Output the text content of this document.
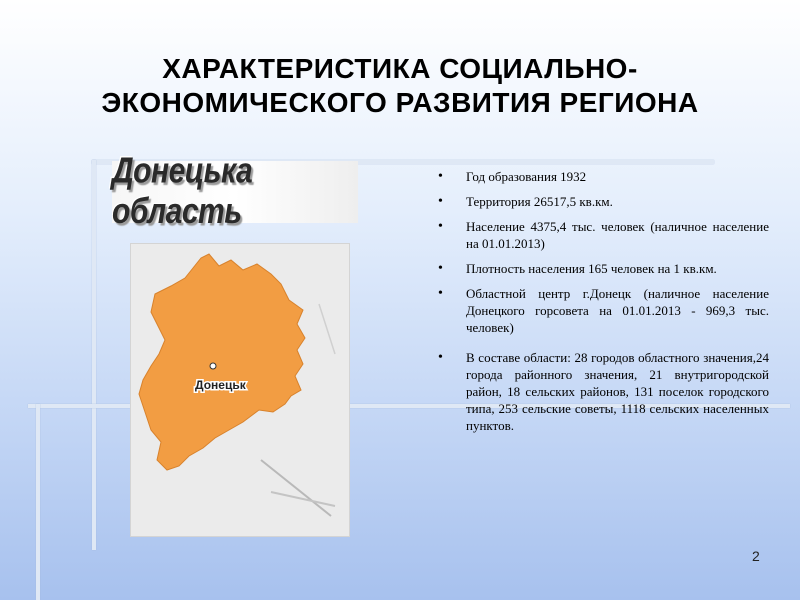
ХАРАКТЕРИСТИКА СОЦИАЛЬНО-
ЭКОНОМИЧЕСКОГО РАЗВИТИЯ РЕГИОНА
Донецька область
Донецьк
• Год образования 1932
• Территория 26517,5 кв.км.
• Население 4375,4 тыс. человек (наличное население на 01.01.2013)
• Плотность населения 165 человек на 1 кв.км.
• Областной центр г.Донецк (наличное население Донецкого горсовета на 01.01.2013 - 969,3 тыс. человек)
• В составе области: 28 городов областного значения,24 города районного значения, 21 внутригородской район, 18 сельских районов, 131 поселок городского типа, 253 сельские советы, 1118 сельских населенных пунктов.
2
